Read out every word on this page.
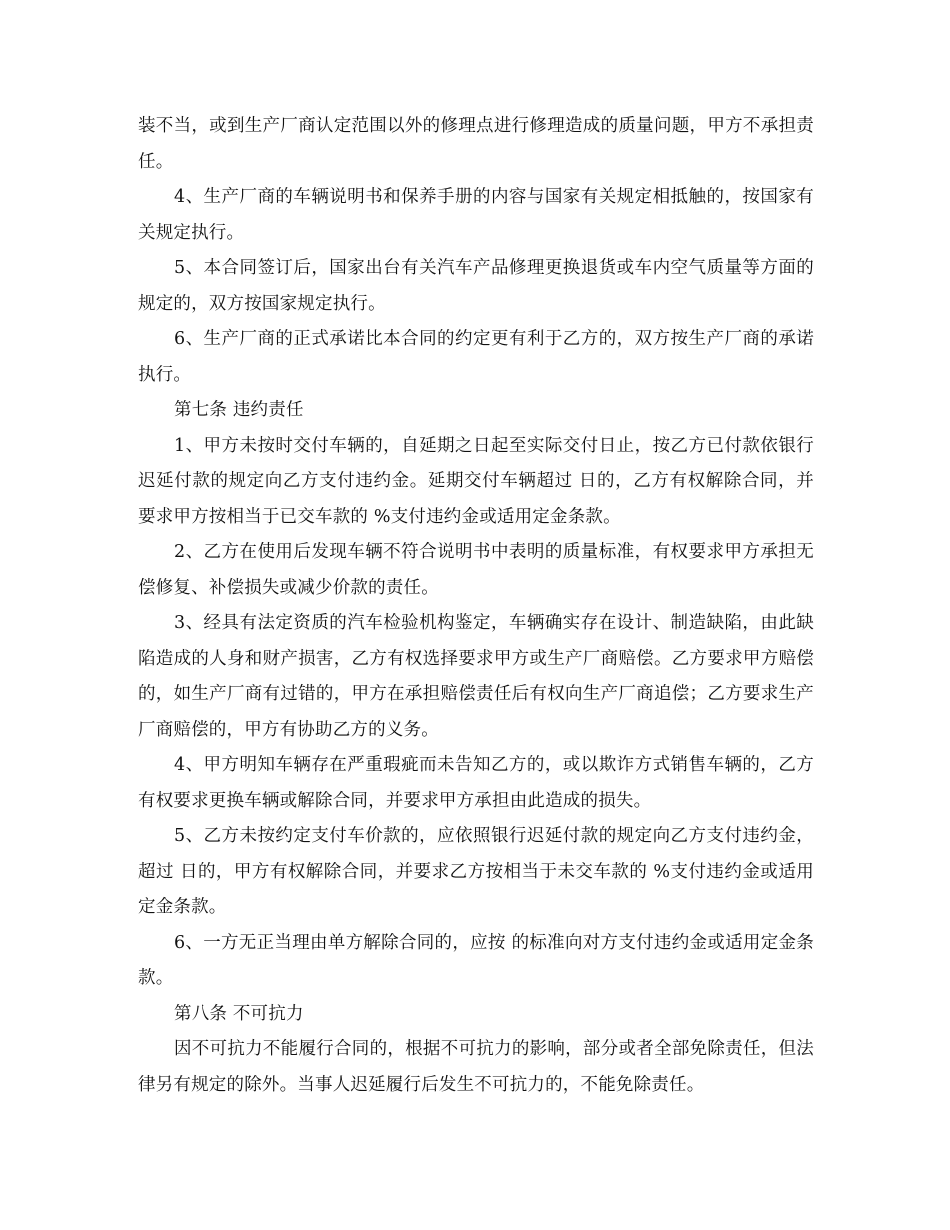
装不当，或到生产厂商认定范围以外的修理点进行修理造成的质量问题，甲方不承担责任。

4、生产厂商的车辆说明书和保养手册的内容与国家有关规定相抵触的，按国家有关规定执行。

5、本合同签订后，国家出台有关汽车产品修理更换退货或车内空气质量等方面的规定的，双方按国家规定执行。

6、生产厂商的正式承诺比本合同的约定更有利于乙方的，双方按生产厂商的承诺执行。

第七条 违约责任

1、甲方未按时交付车辆的，自延期之日起至实际交付日止，按乙方已付款依银行迟延付款的规定向乙方支付违约金。延期交付车辆超过 日的，乙方有权解除合同，并要求甲方按相当于已交车款的 %支付违约金或适用定金条款。

2、乙方在使用后发现车辆不符合说明书中表明的质量标准，有权要求甲方承担无偿修复、补偿损失或减少价款的责任。

3、经具有法定资质的汽车检验机构鉴定，车辆确实存在设计、制造缺陷，由此缺陷造成的人身和财产损害，乙方有权选择要求甲方或生产厂商赔偿。乙方要求甲方赔偿的，如生产厂商有过错的，甲方在承担赔偿责任后有权向生产厂商追偿；乙方要求生产厂商赔偿的，甲方有协助乙方的义务。

4、甲方明知车辆存在严重瑕疵而未告知乙方的，或以欺诈方式销售车辆的，乙方有权要求更换车辆或解除合同，并要求甲方承担由此造成的损失。

5、乙方未按约定支付车价款的，应依照银行迟延付款的规定向乙方支付违约金，超过 日的，甲方有权解除合同，并要求乙方按相当于未交车款的 %支付违约金或适用定金条款。

6、一方无正当理由单方解除合同的，应按 的标准向对方支付违约金或适用定金条款。

第八条 不可抗力

因不可抗力不能履行合同的，根据不可抗力的影响，部分或者全部免除责任，但法律另有规定的除外。当事人迟延履行后发生不可抗力的，不能免除责任。
